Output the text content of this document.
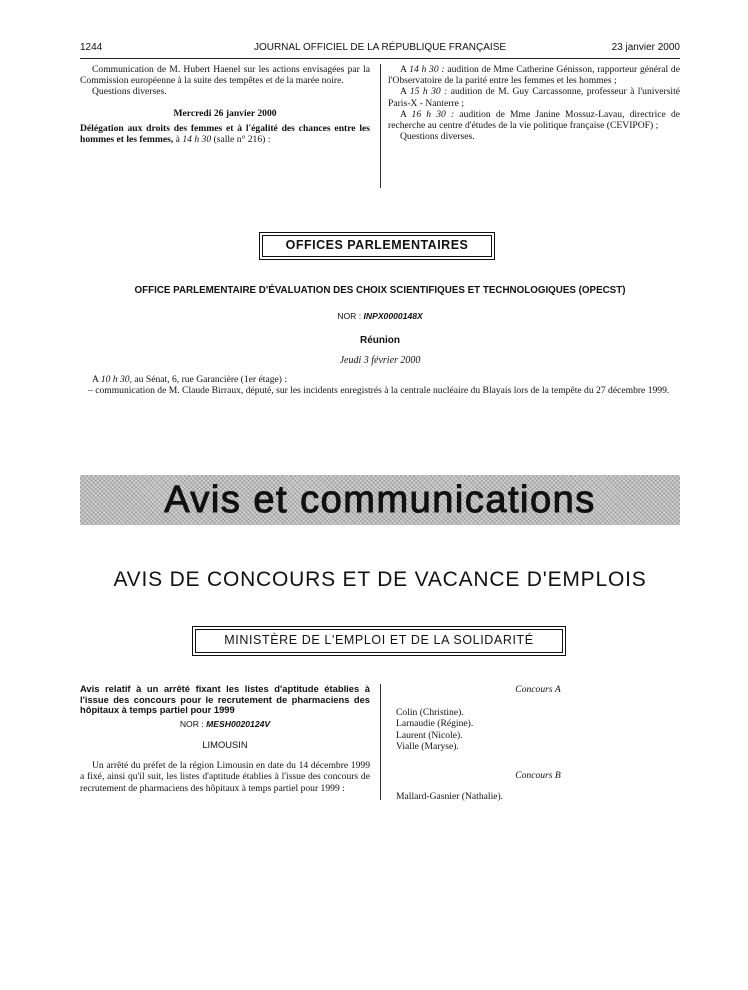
1244	JOURNAL OFFICIEL DE LA RÉPUBLIQUE FRANÇAISE	23 janvier 2000

Communication de M. Hubert Haenel sur les actions envisagées par la Commission européenne à la suite des tempêtes et de la marée noire.

Questions diverses.

Mercredi 26 janvier 2000

Délégation aux droits des femmes et à l'égalité des chances entre les hommes et les femmes, à 14 h 30 (salle n° 216) :

A 14 h 30 : audition de Mme Catherine Génisson, rapporteur général de l'Observatoire de la parité entre les femmes et les hommes ;

A 15 h 30 : audition de M. Guy Carcassonne, professeur à l'université Paris-X - Nanterre ;

A 16 h 30 : audition de Mme Janine Mossuz-Lavau, directrice de recherche au centre d'études de la vie politique française (CEVIPOF) ;

Questions diverses.

OFFICES PARLEMENTAIRES
OFFICE PARLEMENTAIRE D'ÉVALUATION DES CHOIX SCIENTIFIQUES ET TECHNOLOGIQUES (OPECST)
NOR : INPX0000148X
Réunion
Jeudi 3 février 2000

A 10 h 30, au Sénat, 6, rue Garancière (1er étage) :

– communication de M. Claude Birraux, député, sur les incidents enregistrés à la centrale nucléaire du Blayais lors de la tempête du 27 décembre 1999.

Avis et communications
AVIS DE CONCOURS ET DE VACANCE D'EMPLOIS
MINISTÈRE DE L'EMPLOI ET DE LA SOLIDARITÉ

Avis relatif à un arrêté fixant les listes d'aptitude établies à l'issue des concours pour le recrutement de pharmaciens des hôpitaux à temps partiel pour 1999

NOR : MESH0020124V

LIMOUSIN

Un arrêté du préfet de la région Limousin en date du 14 décembre 1999 a fixé, ainsi qu'il suit, les listes d'aptitude établies à l'issue des concours de recrutement de pharmaciens des hôpitaux à temps partiel pour 1999 :

Concours A

Colin (Christine).

Larnaudie (Régine).

Laurent (Nicole).

Vialle (Maryse).

Concours B

Mallard-Gasnier (Nathalie).
